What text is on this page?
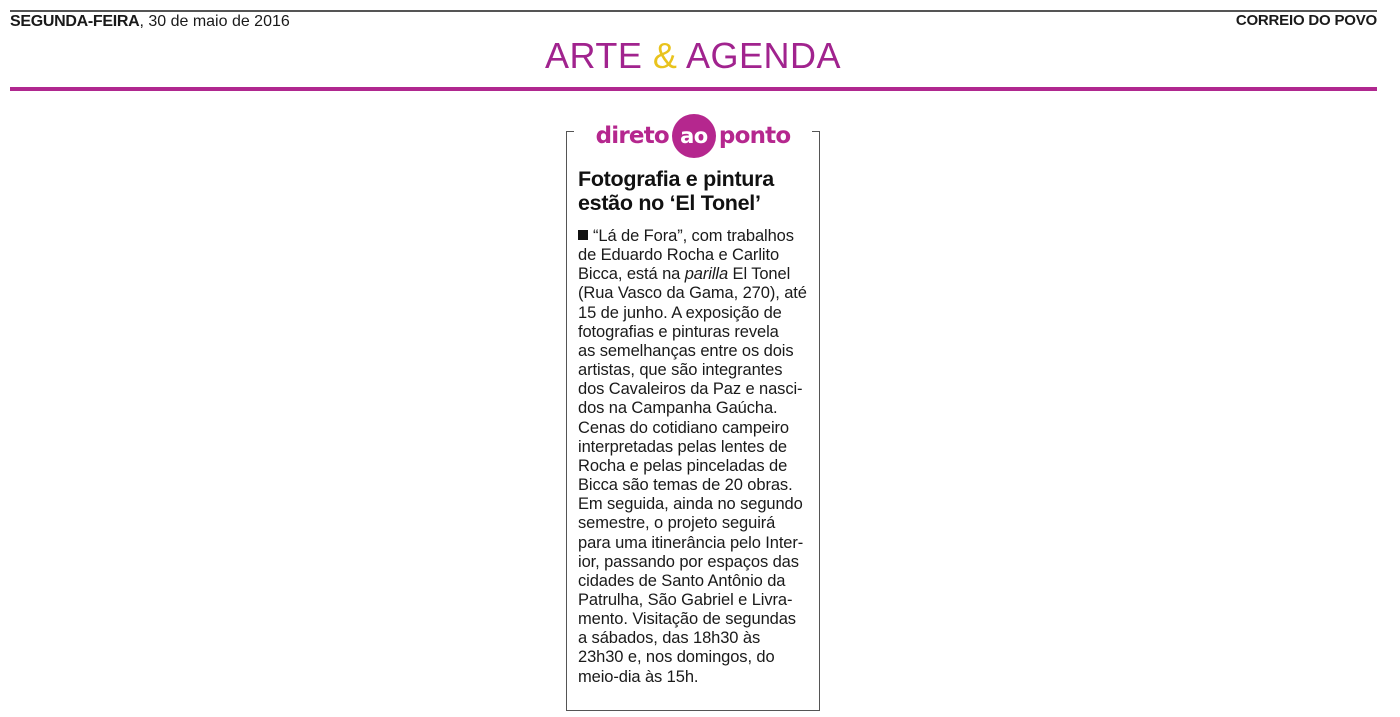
SEGUNDA-FEIRA, 30 de maio de 2016	CORREIO DO POVO
ARTE & AGENDA
direto ao ponto
Fotografia e pintura
estão no ‘El Tonel’
“Lá de Fora”, com trabalhos
de Eduardo Rocha e Carlito
Bicca, está na parilla El Tonel
(Rua Vasco da Gama, 270), até
15 de junho. A exposição de
fotografias e pinturas revela
as semelhanças entre os dois
artistas, que são integrantes
dos Cavaleiros da Paz e nasci-
dos na Campanha Gaúcha.
Cenas do cotidiano campeiro
interpretadas pelas lentes de
Rocha e pelas pinceladas de
Bicca são temas de 20 obras.
Em seguida, ainda no segundo
semestre, o projeto seguirá
para uma itinerância pelo Inter-
ior, passando por espaços das
cidades de Santo Antônio da
Patrulha, São Gabriel e Livra-
mento. Visitação de segundas
a sábados, das 18h30 às
23h30 e, nos domingos, do
meio-dia às 15h.
